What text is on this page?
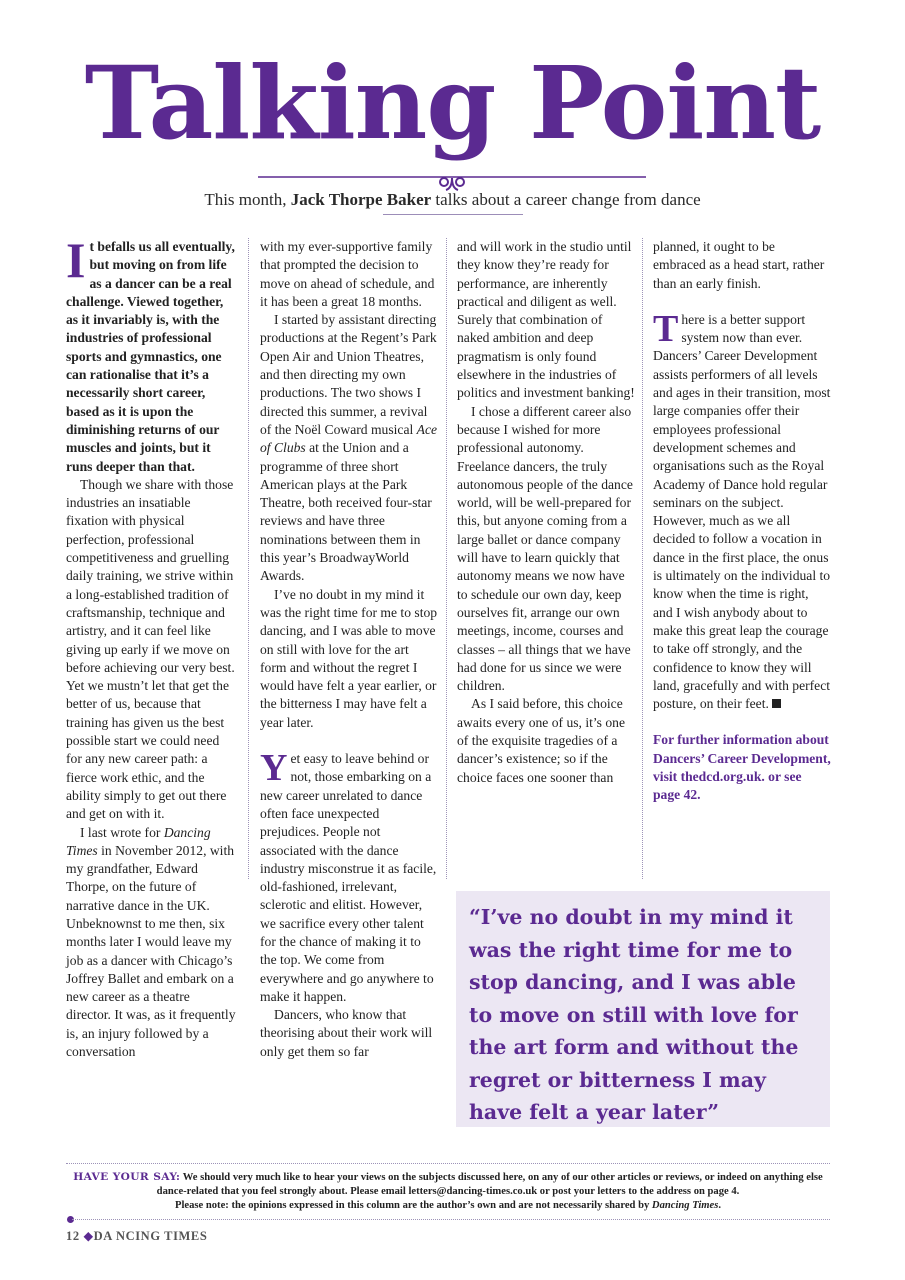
Talking Point
This month, Jack Thorpe Baker talks about a career change from dance

It befalls us all eventually, but moving on from life as a dancer can be a real challenge. Viewed together, as it invariably is, with the industries of professional sports and gymnastics, one can rationalise that it’s a necessarily short career, based as it is upon the diminishing returns of our muscles and joints, but it runs deeper than that.

Though we share with those industries an insatiable fixation with physical perfection, professional competitiveness and gruelling daily training, we strive within a long-established tradition of craftsmanship, technique and artistry, and it can feel like giving up early if we move on before achieving our very best. Yet we mustn’t let that get the better of us, because that training has given us the best possible start we could need for any new career path: a fierce work ethic, and the ability simply to get out there and get on with it.

I last wrote for Dancing Times in November 2012, with my grandfather, Edward Thorpe, on the future of narrative dance in the UK. Unbeknownst to me then, six months later I would leave my job as a dancer with Chicago’s Joffrey Ballet and embark on a new career as a theatre director. It was, as it frequently is, an injury followed by a conversation

with my ever-supportive family that prompted the decision to move on ahead of schedule, and it has been a great 18 months.

I started by assistant directing productions at the Regent’s Park Open Air and Union Theatres, and then directing my own productions. The two shows I directed this summer, a revival of the Noël Coward musical Ace of Clubs at the Union and a programme of three short American plays at the Park Theatre, both received four-star reviews and have three nominations between them in this year’s BroadwayWorld Awards.

I’ve no doubt in my mind it was the right time for me to stop dancing, and I was able to move on still with love for the art form and without the regret I would have felt a year earlier, or the bitterness I may have felt a year later.

Yet easy to leave behind or not, those embarking on a new career unrelated to dance often face unexpected prejudices. People not associated with the dance industry misconstrue it as facile, old-fashioned, irrelevant, sclerotic and elitist. However, we sacrifice every other talent for the chance of making it to the top. We come from everywhere and go anywhere to make it happen.

Dancers, who know that theorising about their work will only get them so far

and will work in the studio until they know they’re ready for performance, are inherently practical and diligent as well. Surely that combination of naked ambition and deep pragmatism is only found elsewhere in the industries of politics and investment banking!

I chose a different career also because I wished for more professional autonomy. Freelance dancers, the truly autonomous people of the dance world, will be well-prepared for this, but anyone coming from a large ballet or dance company will have to learn quickly that autonomy means we now have to schedule our own day, keep ourselves fit, arrange our own meetings, income, courses and classes – all things that we have had done for us since we were children.

As I said before, this choice awaits every one of us, it’s one of the exquisite tragedies of a dancer’s existence; so if the choice faces one sooner than

planned, it ought to be embraced as a head start, rather than an early finish.

There is a better support system now than ever. Dancers’ Career Development assists performers of all levels and ages in their transition, most large companies offer their employees professional development schemes and organisations such as the Royal Academy of Dance hold regular seminars on the subject. However, much as we all decided to follow a vocation in dance in the first place, the onus is ultimately on the individual to know when the time is right, and I wish anybody about to make this great leap the courage to take off strongly, and the confidence to know they will land, gracefully and with perfect posture, on their feet.

For further information about Dancers’ Career Development, visit thedcd.org.uk. or see page 42.

“I’ve no doubt in my mind it was the right time for me to stop dancing, and I was able to move on still with love for the art form and without the regret or bitterness I may have felt a year later”
HAVE YOUR SAY: We should very much like to hear your views on the subjects discussed here, on any of our other articles or reviews, or indeed on anything else dance-related that you feel strongly about. Please email letters@dancing-times.co.uk or post your letters to the address on page 4.
Please note: the opinions expressed in this column are the author’s own and are not necessarily shared by Dancing Times.
12 ◆DA NCING TIMES
